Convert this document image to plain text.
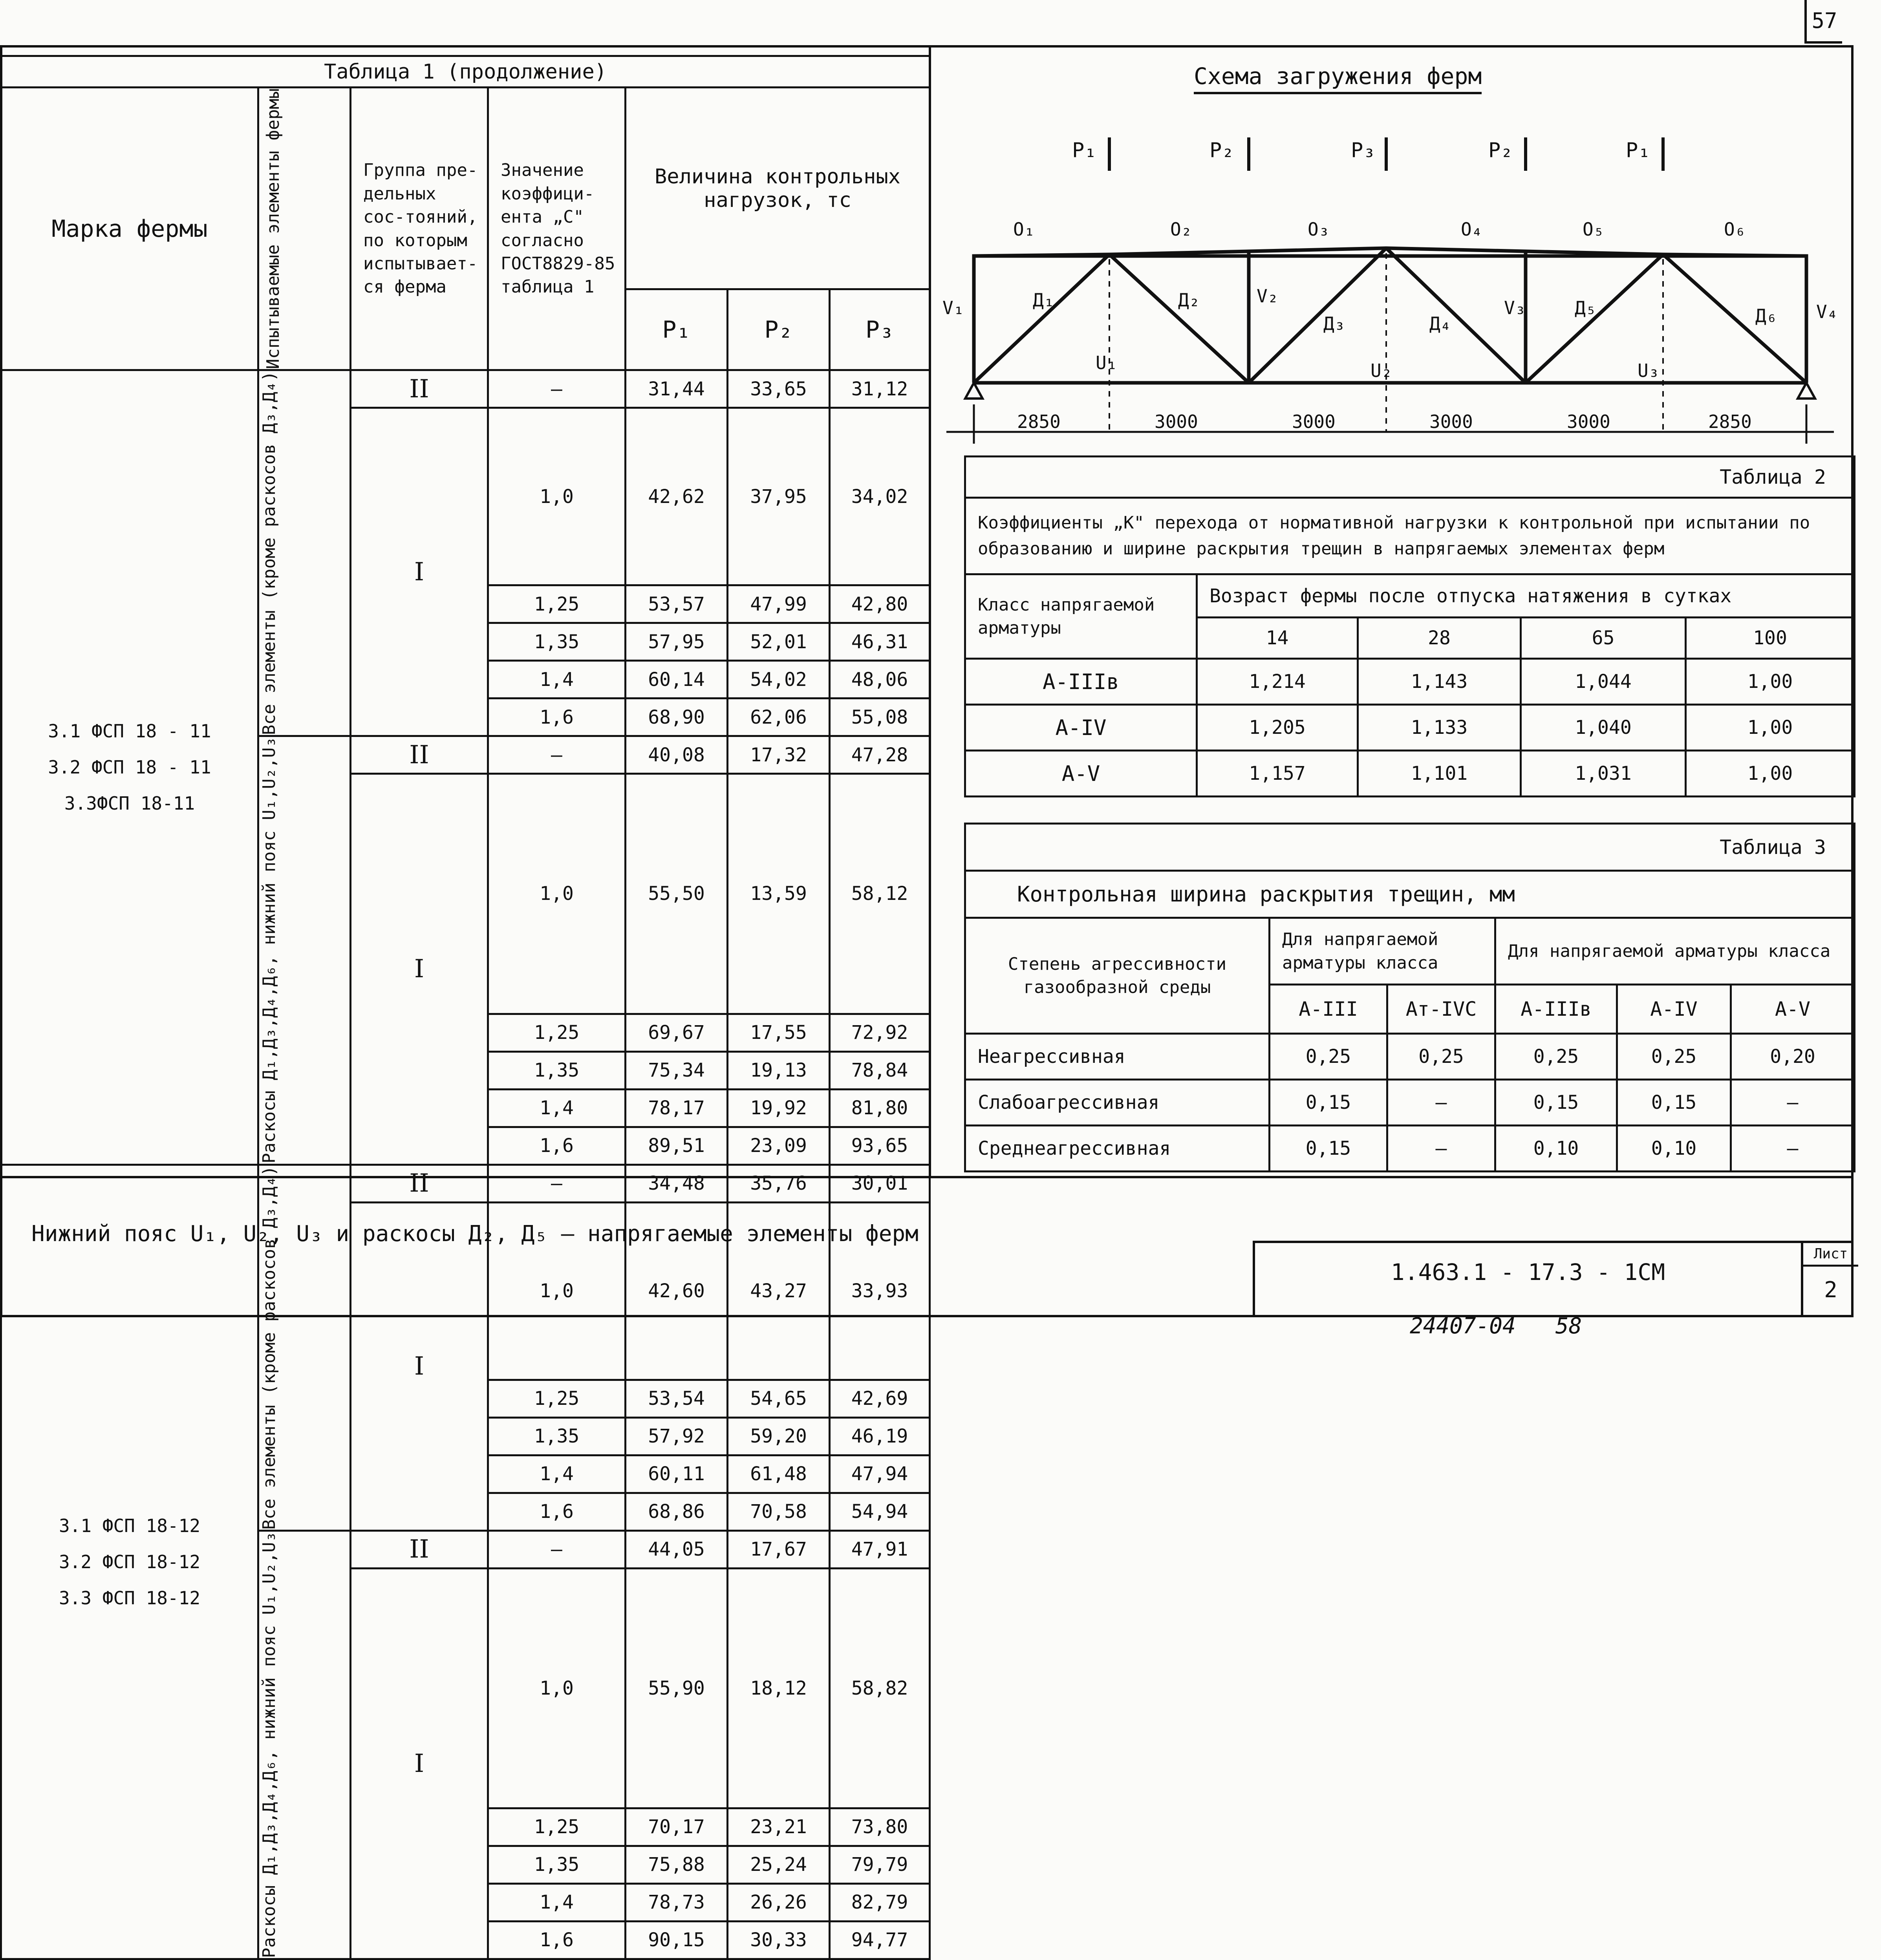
57
Таблица 1 (продолжение)						
Марка фермы	Испытываемые элементы фермы	Группа пре-дельных сос-тояний, по которым испытывает-ся ферма	Значение коэффици-ента „С" согласно ГОСТ8829-85 таблица 1	Величина контрольных нагрузок, тс		
				Р₁	Р₂	Р₃

3.1 ФСП 18 - 11
3.2 ФСП 18 - 11
3.3ФСП 18-11	Все элементы (кроме раскосов Д₃,Д₄)	II	—	31,44	33,65	31,12
		I	1,0	42,62	37,95	34,02
			1,25	53,57	47,99	42,80
			1,35	57,95	52,01	46,31
			1,4	60,14	54,02	48,06
			1,6	68,90	62,06	55,08

	Раскосы Д₁,Д₃,Д₄,Д₆, нижний пояс U₁,U₂,U₃	II	—	40,08	17,32	47,28
		I	1,0	55,50	13,59	58,12
			1,25	69,67	17,55	72,92
			1,35	75,34	19,13	78,84
			1,4	78,17	19,92	81,80
			1,6	89,51	23,09	93,65

3.1 ФСП 18-12
3.2 ФСП 18-12
3.3 ФСП 18-12	Все элементы (кроме раскосов Д₃,Д₄)	II	—	34,48	35,76	30,01
		I	1,0	42,60	43,27	33,93
			1,25	53,54	54,65	42,69
			1,35	57,92	59,20	46,19
			1,4	60,11	61,48	47,94
			1,6	68,86	70,58	54,94

	Раскосы Д₁,Д₃,Д₄,Д₆, нижний пояс U₁,U₂,U₃	II	—	44,05	17,67	47,91
		I	1,0	55,90	18,12	58,82
			1,25	70,17	23,21	73,80
			1,35	75,88	25,24	79,79
			1,4	78,73	26,26	82,79
			1,6	90,15	30,33	94,77
Схема загружения ферм
P₁	P₂	P₃	P₂	P₁
O₁	O₂	O₃	O₄	O₅	O₆
V₁
V₂
V₃	V₄
Д₁	Д₂
Д₃	Д₄
Д₅	Д₆
U₁	U₂	U₃
2850	3000	3000	3000	3000	2850
Таблица 2				
Коэффициенты „К" перехода от нормативной нагрузки к контрольной при испытании по образованию и ширине раскрытия трещин в напрягаемых элементах ферм				
Класс напрягаемой арматуры	Возраст фермы после отпуска натяжения в сутках			
	14	28	65	100
А-IIIв	1,214	1,143	1,044	1,00
А-IV	1,205	1,133	1,040	1,00
А-V	1,157	1,101	1,031	1,00
Таблица 3					
Контрольная ширина раскрытия трещин, мм					
Степень агрессивности газообразной среды	Для напрягаемой арматуры класса		Для напрягаемой арматуры класса		
	А-III	Aт-IVС	А-IIIв	А-IV	А-V
Неагрессивная	0,25	0,25	0,25	0,25	0,20
Слабоагрессивная	0,15	—	0,15	0,15	—
Среднеагрессивная	0,15	—	0,10	0,10	—
Нижний пояс U₁, U₂, U₃ и раскосы Д₂, Д₅ – напрягаемые элементы ферм
1.463.1 - 17.3 - 1СМ
Лист
2
24407-04   58
